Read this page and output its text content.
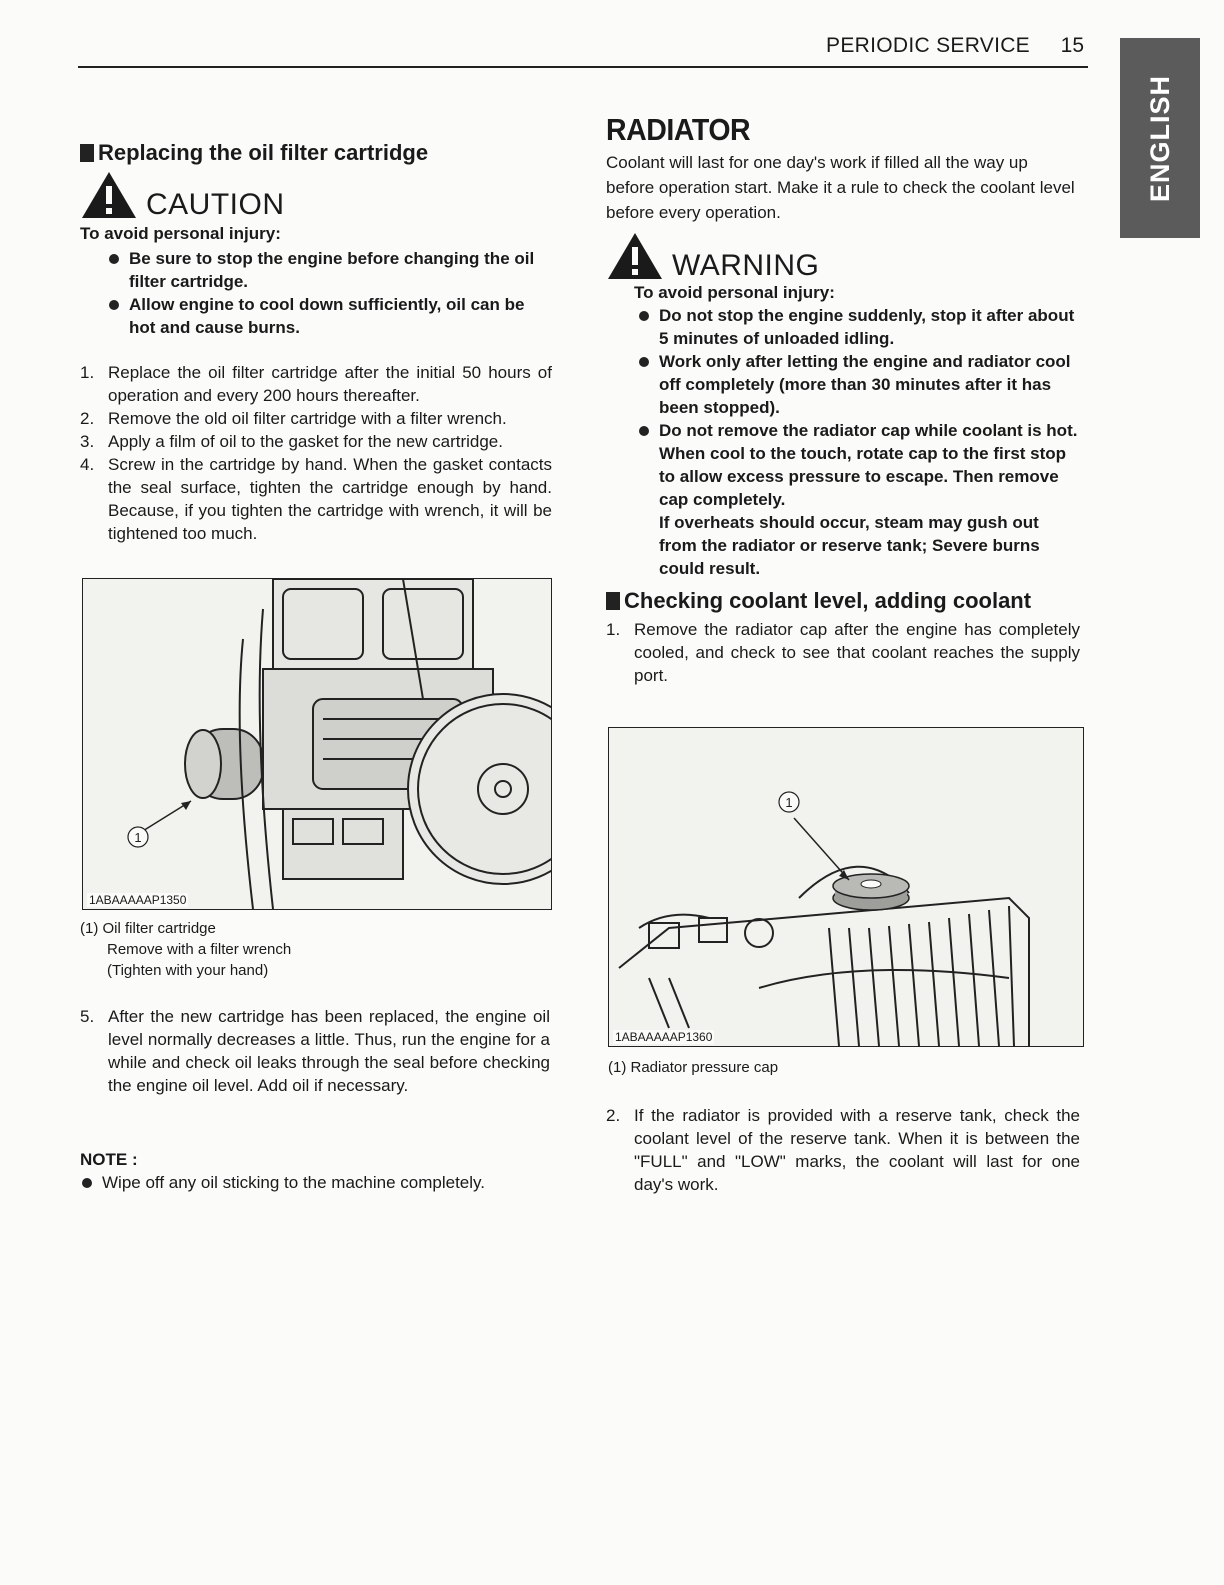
PERIODIC SERVICE	15
ENGLISH
Replacing the oil filter cartridge
CAUTION
To avoid personal injury:
Be sure to stop the engine before changing the oil filter cartridge.
Allow engine to cool down sufficiently, oil can be hot and cause burns.
1. Replace the oil filter cartridge after the initial 50 hours of operation and every 200 hours thereafter.
2. Remove the old oil filter cartridge with a filter wrench.
3. Apply a film of oil to the gasket for the new cartridge.
4. Screw in the cartridge by hand. When the gasket contacts the seal surface, tighten the cartridge enough by hand. Because, if you tighten the cartridge with wrench, it will be tightened too much.
1
1ABAAAAAP1350
(1) Oil filter cartridge
Remove with a filter wrench
(Tighten with your hand)
5. After the new cartridge has been replaced, the engine oil level normally decreases a little. Thus, run the engine for a while and check oil leaks through the seal before checking the engine oil level. Add oil if necessary.
NOTE :
Wipe off any oil sticking to the machine completely.
RADIATOR
Coolant will last for one day's work if filled all the way up before operation start. Make it a rule to check the coolant level before every operation.
WARNING
To avoid personal injury:
Do not stop the engine suddenly, stop it after about 5 minutes of unloaded idling.
Work only after letting the engine and radiator cool off completely (more than 30 minutes after it has been stopped).
Do not remove the radiator cap while coolant is hot. When cool to the touch, rotate cap to the first stop to allow excess pressure to escape. Then remove cap completely.
If overheats should occur, steam may gush out from the radiator or reserve tank; Severe burns could result.
Checking coolant level, adding coolant
1. Remove the radiator cap after the engine has completely cooled, and check to see that coolant reaches the supply port.
1
1ABAAAAAP1360
(1) Radiator pressure cap
2. If the radiator is provided with a reserve tank, check the coolant level of the reserve tank. When it is between the "FULL" and "LOW" marks, the coolant will last for one day's work.
